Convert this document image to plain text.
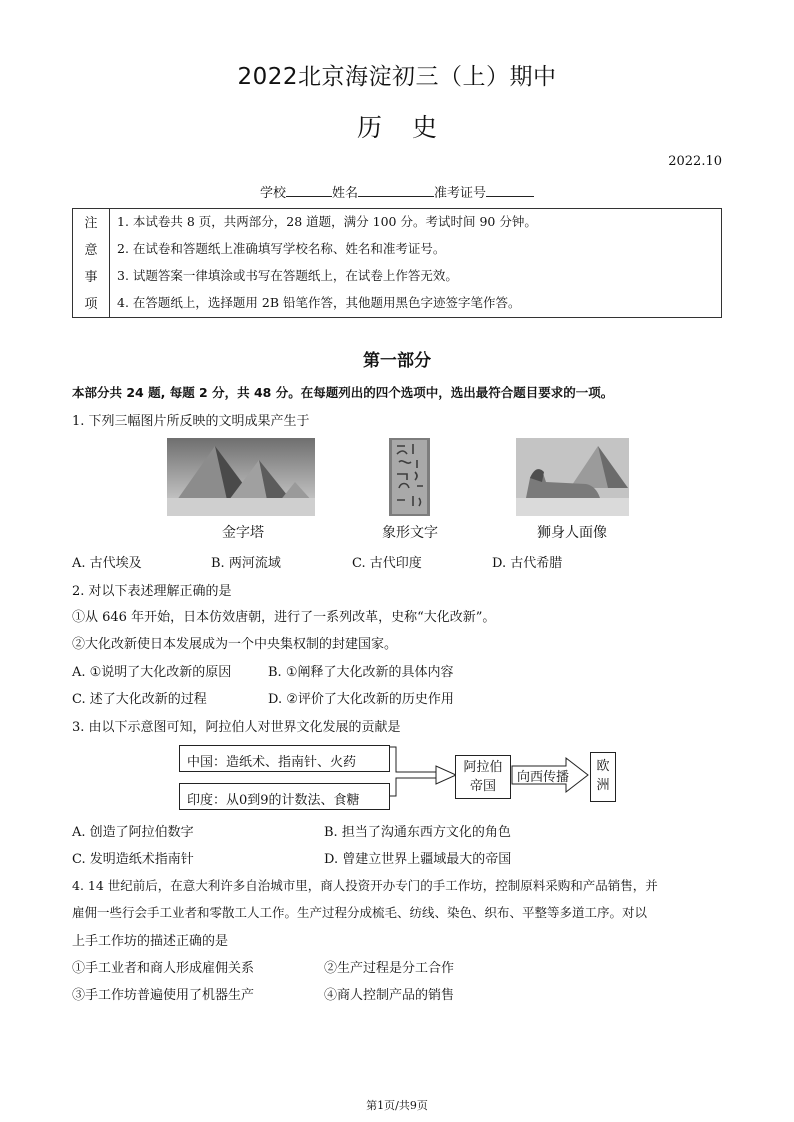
2022北京海淀初三（上）期中
历史
2022.10
学校	姓名	准考证号
注
意
事
项
1. 本试卷共 8 页，共两部分，28 道题，满分 100 分。考试时间 90 分钟。
2. 在试卷和答题纸上准确填写学校名称、姓名和准考证号。
3. 试题答案一律填涂或书写在答题纸上，在试卷上作答无效。
4. 在答题纸上，选择题用 2B 铅笔作答，其他题用黑色字迹签字笔作答。
第一部分
本部分共 24 题, 每题 2 分，共 48 分。在每题列出的四个选项中，选出最符合题目要求的一项。
1. 下列三幅图片所反映的文明成果产生于
金字塔	象形文字	狮身人面像
A. 古代埃及	B. 两河流域	C. 古代印度	D. 古代希腊
2. 对以下表述理解正确的是
①从 646 年开始，日本仿效唐朝，进行了一系列改革，史称“大化改新”。
②大化改新使日本发展成为一个中央集权制的封建国家。
A. ①说明了大化改新的原因	B. ①阐释了大化改新的具体内容
C. 述了大化改新的过程	D. ②评价了大化改新的历史作用
3. 由以下示意图可知，阿拉伯人对世界文化发展的贡献是
中国：造纸术、指南针、火药
印度：从0到9的计数法、食糖
阿拉伯
帝国
向西传播
欧
洲
A. 创造了阿拉伯数字	B. 担当了沟通东西方文化的角色
C. 发明造纸术指南针	D. 曾建立世界上疆域最大的帝国
4. 14 世纪前后，在意大利许多自治城市里，商人投资开办专门的手工作坊，控制原料采购和产品销售，并
雇佣一些行会手工业者和零散工人工作。生产过程分成梳毛、纺线、染色、织布、平整等多道工序。对以
上手工作坊的描述正确的是
①手工业者和商人形成雇佣关系	②生产过程是分工合作
③手工作坊普遍使用了机器生产	④商人控制产品的销售
第1页/共9页
